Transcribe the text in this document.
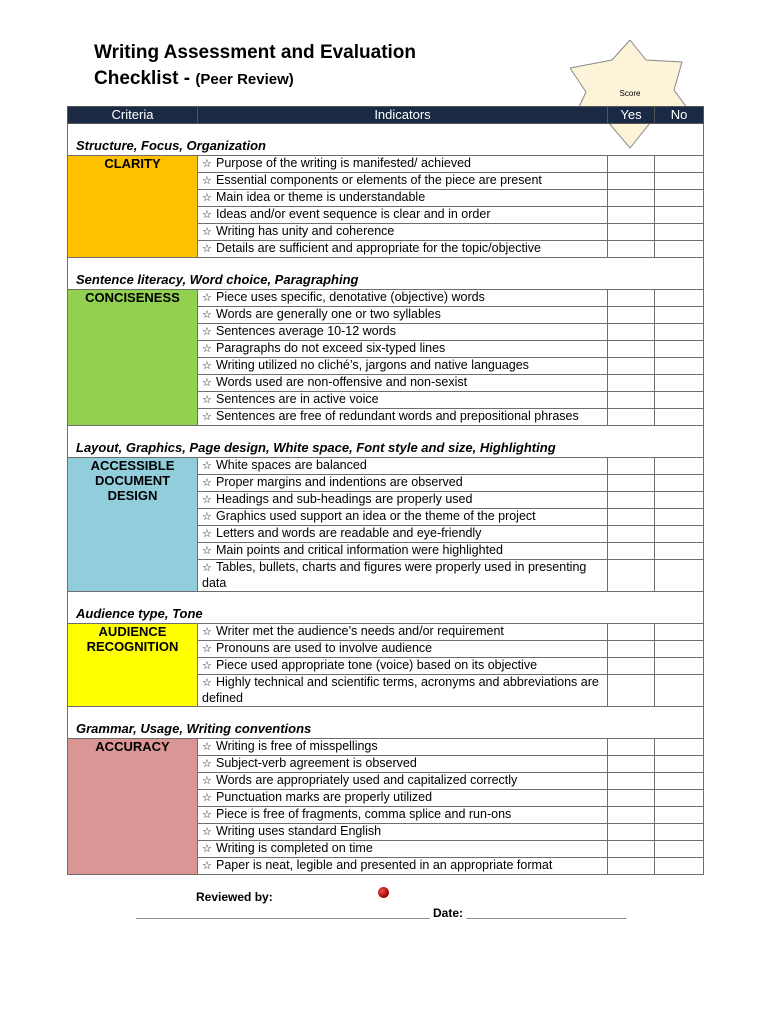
Writing Assessment and Evaluation
Checklist - (Peer Review)
Score
Criteria	Indicators	Yes	No
Structure, Focus, Organization			
CLARITY	☆ Purpose of the writing is manifested/ achieved		
	☆ Essential components or elements of the piece are present		
	☆ Main idea or theme is understandable		
	☆ Ideas and/or event sequence is clear and in order		
	☆ Writing has unity and coherence		
	☆ Details are sufficient and appropriate for the topic/objective		
Sentence literacy, Word choice, Paragraphing			
CONCISENESS	☆ Piece uses specific, denotative (objective) words		
	☆ Words are generally one or two syllables		
	☆ Sentences average 10-12 words		
	☆ Paragraphs do not exceed six-typed lines		
	☆ Writing utilized no cliché’s, jargons and native languages		
	☆ Words used are non-offensive and non-sexist		
	☆ Sentences are in active voice		
	☆ Sentences are free of redundant words and prepositional phrases		
Layout, Graphics, Page design, White space, Font style and size, Highlighting			
ACCESSIBLE DOCUMENT DESIGN	☆ White spaces are balanced		
	☆ Proper margins and indentions are observed		
	☆ Headings and sub-headings are properly used		
	☆ Graphics used support an idea or the theme of the project		
	☆ Letters and words are readable and eye-friendly		
	☆ Main points and critical information were highlighted		
	☆ Tables, bullets, charts and figures were properly used in presenting data		
Audience type, Tone			
AUDIENCE RECOGNITION	☆ Writer met the audience’s needs and/or requirement		
	☆ Pronouns are used to involve audience		
	☆ Piece used appropriate tone (voice) based on its objective		
	☆ Highly technical and scientific terms, acronyms and abbreviations are defined		
Grammar, Usage, Writing conventions			
ACCURACY	☆ Writing is free of misspellings		
	☆ Subject-verb agreement is observed		
	☆ Words are appropriately used and capitalized correctly		
	☆ Punctuation marks are properly utilized		
	☆ Piece is free of fragments, comma splice and run-ons		
	☆ Writing uses standard English		
	☆ Writing is completed on time		
	☆ Paper is neat, legible and presented in an appropriate format		
Reviewed by:
____________________________________________ Date: ________________________
